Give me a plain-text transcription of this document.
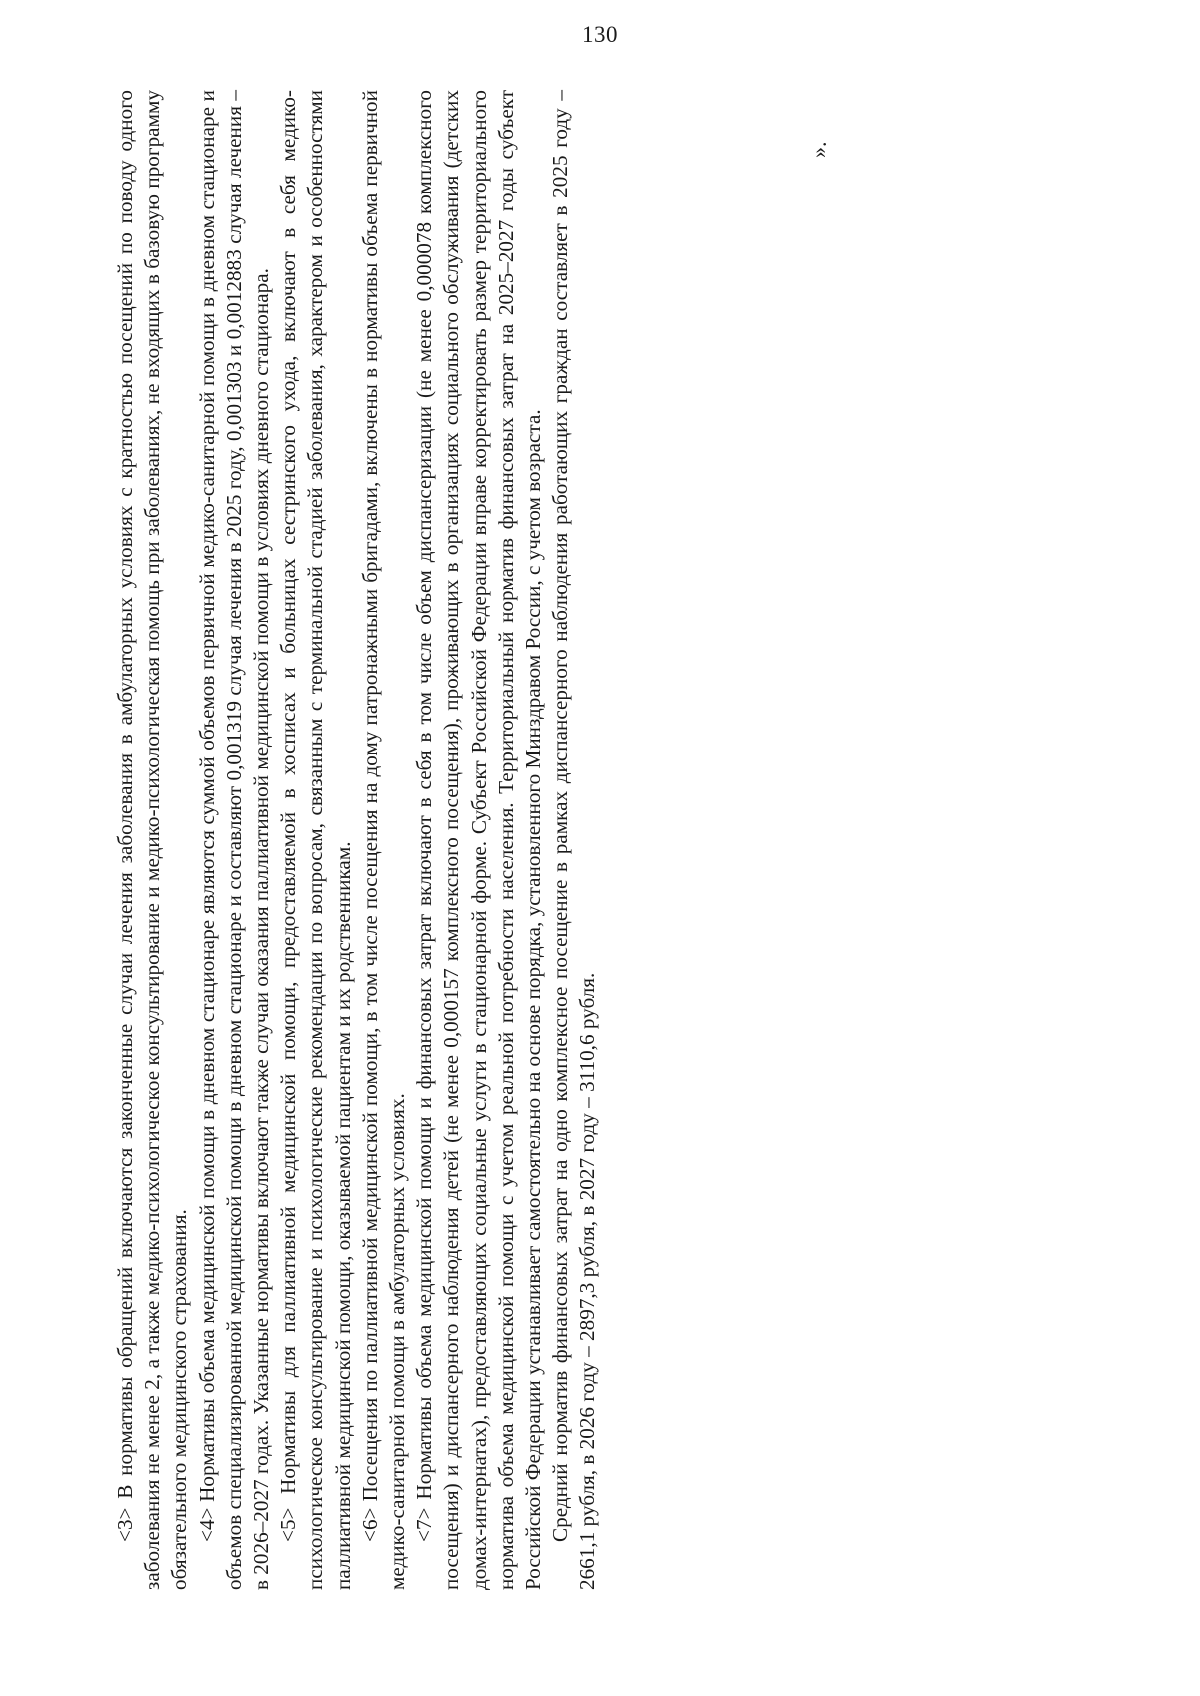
130

<3> В нормативы обращений включаются законченные случаи лечения заболевания в амбулаторных условиях с кратностью посещений по поводу одного заболевания не менее 2, а также медико-психологическое консультирование и медико-психологическая помощь при заболеваниях, не входящих в базовую программу обязательного медицинского страхования. <4> Нормативы объема медицинской помощи в дневном стационаре являются суммой объемов первичной медико-санитарной помощи в дневном стационаре и объемов специализированной медицинской помощи в дневном стационаре и составляют 0,001319 случая лечения в 2025 году, 0,001303 и 0,0012883 случая лечения – в 2026–2027 годах. Указанные нормативы включают также случаи оказания паллиативной медицинской помощи в условиях дневного стационара. <5> Нормативы для паллиативной медицинской помощи, предоставляемой в хосписах и больницах сестринского ухода, включают в себя медико-психологическое консультирование и психологические рекомендации по вопросам, связанным с терминальной стадией заболевания, характером и особенностями паллиативной медицинской помощи, оказываемой пациентам и их родственникам. <6> Посещения по паллиативной медицинской помощи, в том числе посещения на дому патронажными бригадами, включены в нормативы объема первичной медико-санитарной помощи в амбулаторных условиях. <7> Нормативы объема медицинской помощи и финансовых затрат включают в себя в том числе объем диспансеризации (не менее 0,000078 комплексного посещения) и диспансерного наблюдения детей (не менее 0,000157 комплексного посещения), проживающих в организациях социального обслуживания (детских домах-интернатах), предоставляющих социальные услуги в стационарной форме. Субъект Российской Федерации вправе корректировать размер территориального норматива объема медицинской помощи с учетом реальной потребности населения. Территориальный норматив финансовых затрат на 2025–2027 годы субъект Российской Федерации устанавливает самостоятельно на основе порядка, установленного Минздравом России, с учетом возраста. Средний норматив финансовых затрат на одно комплексное посещение в рамках диспансерного наблюдения работающих граждан составляет в 2025 году – 2661,1 рубля, в 2026 году – 2897,3 рубля, в 2027 году – 3110,6 рубля.

».
